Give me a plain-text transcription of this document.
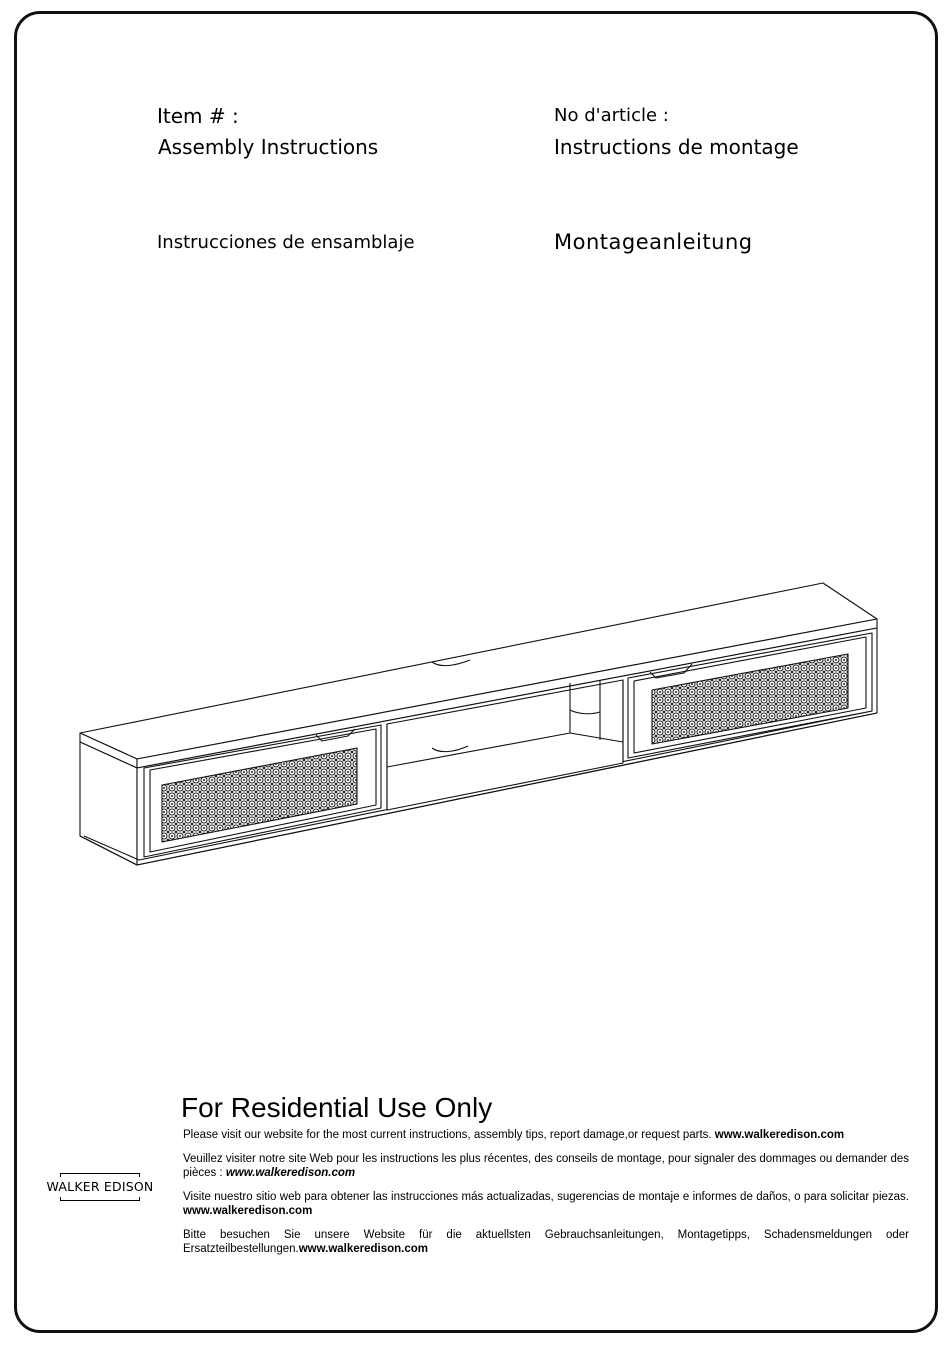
Item # :
Assembly Instructions
No d'article :
Instructions de montage
Instrucciones de ensamblaje	Montageanleitung
For Residential Use Only

Please visit our website for the most current instructions, assembly tips, report damage,or request parts. www.walkeredison.com

Veuillez visiter notre site Web pour les instructions les plus récentes, des conseils de montage, pour signaler des dommages ou demander des pièces : www.walkeredison.com

Visite nuestro sitio web para obtener las instrucciones más actualizadas, sugerencias de montaje e informes de daños, o para solicitar piezas. www.walkeredison.com

Bitte besuchen Sie unsere Website für die aktuellsten Gebrauchsanleitungen, Montagetipps, Schadensmeldungen oder Ersatzteilbestellungen.www.walkeredison.com

WALKER EDISON
